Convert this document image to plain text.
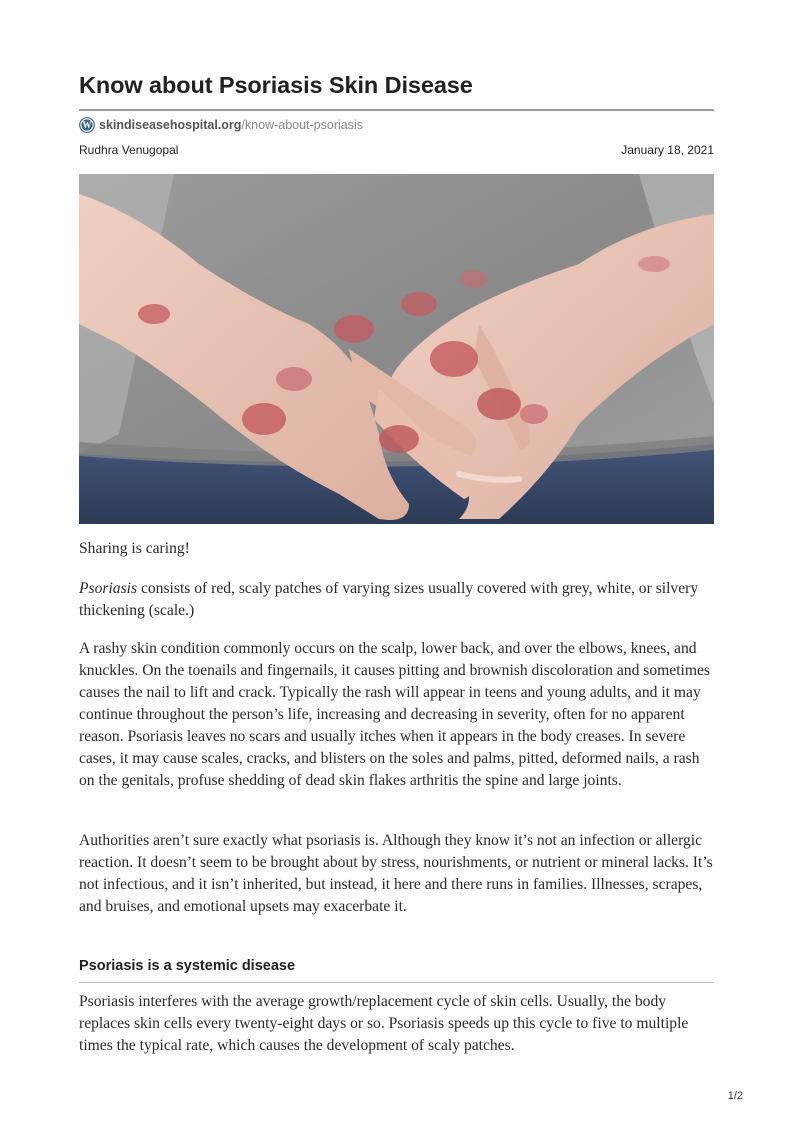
Know about Psoriasis Skin Disease
W skindiseasehospital.org /know-about-psoriasis
Rudhra Venugopal	January 18, 2021

Sharing is caring!

Psoriasis consists of red, scaly patches of varying sizes usually covered with grey, white, or silvery thickening (scale.)

A rashy skin condition commonly occurs on the scalp, lower back, and over the elbows, knees, and knuckles. On the toenails and fingernails, it causes pitting and brownish discoloration and sometimes causes the nail to lift and crack. Typically the rash will appear in teens and young adults, and it may continue throughout the person’s life, increasing and decreasing in severity, often for no apparent reason. Psoriasis leaves no scars and usually itches when it appears in the body creases. In severe cases, it may cause scales, cracks, and blisters on the soles and palms, pitted, deformed nails, a rash on the genitals, profuse shedding of dead skin flakes arthritis the spine and large joints.

Authorities aren’t sure exactly what psoriasis is. Although they know it’s not an infection or allergic reaction. It doesn’t seem to be brought about by stress, nourishments, or nutrient or mineral lacks. It’s not infectious, and it isn’t inherited, but instead, it here and there runs in families. Illnesses, scrapes, and bruises, and emotional upsets may exacerbate it.

Psoriasis is a systemic disease

Psoriasis interferes with the average growth/replacement cycle of skin cells. Usually, the body replaces skin cells every twenty-eight days or so. Psoriasis speeds up this cycle to five to multiple times the typical rate, which causes the development of scaly patches.

1/2
